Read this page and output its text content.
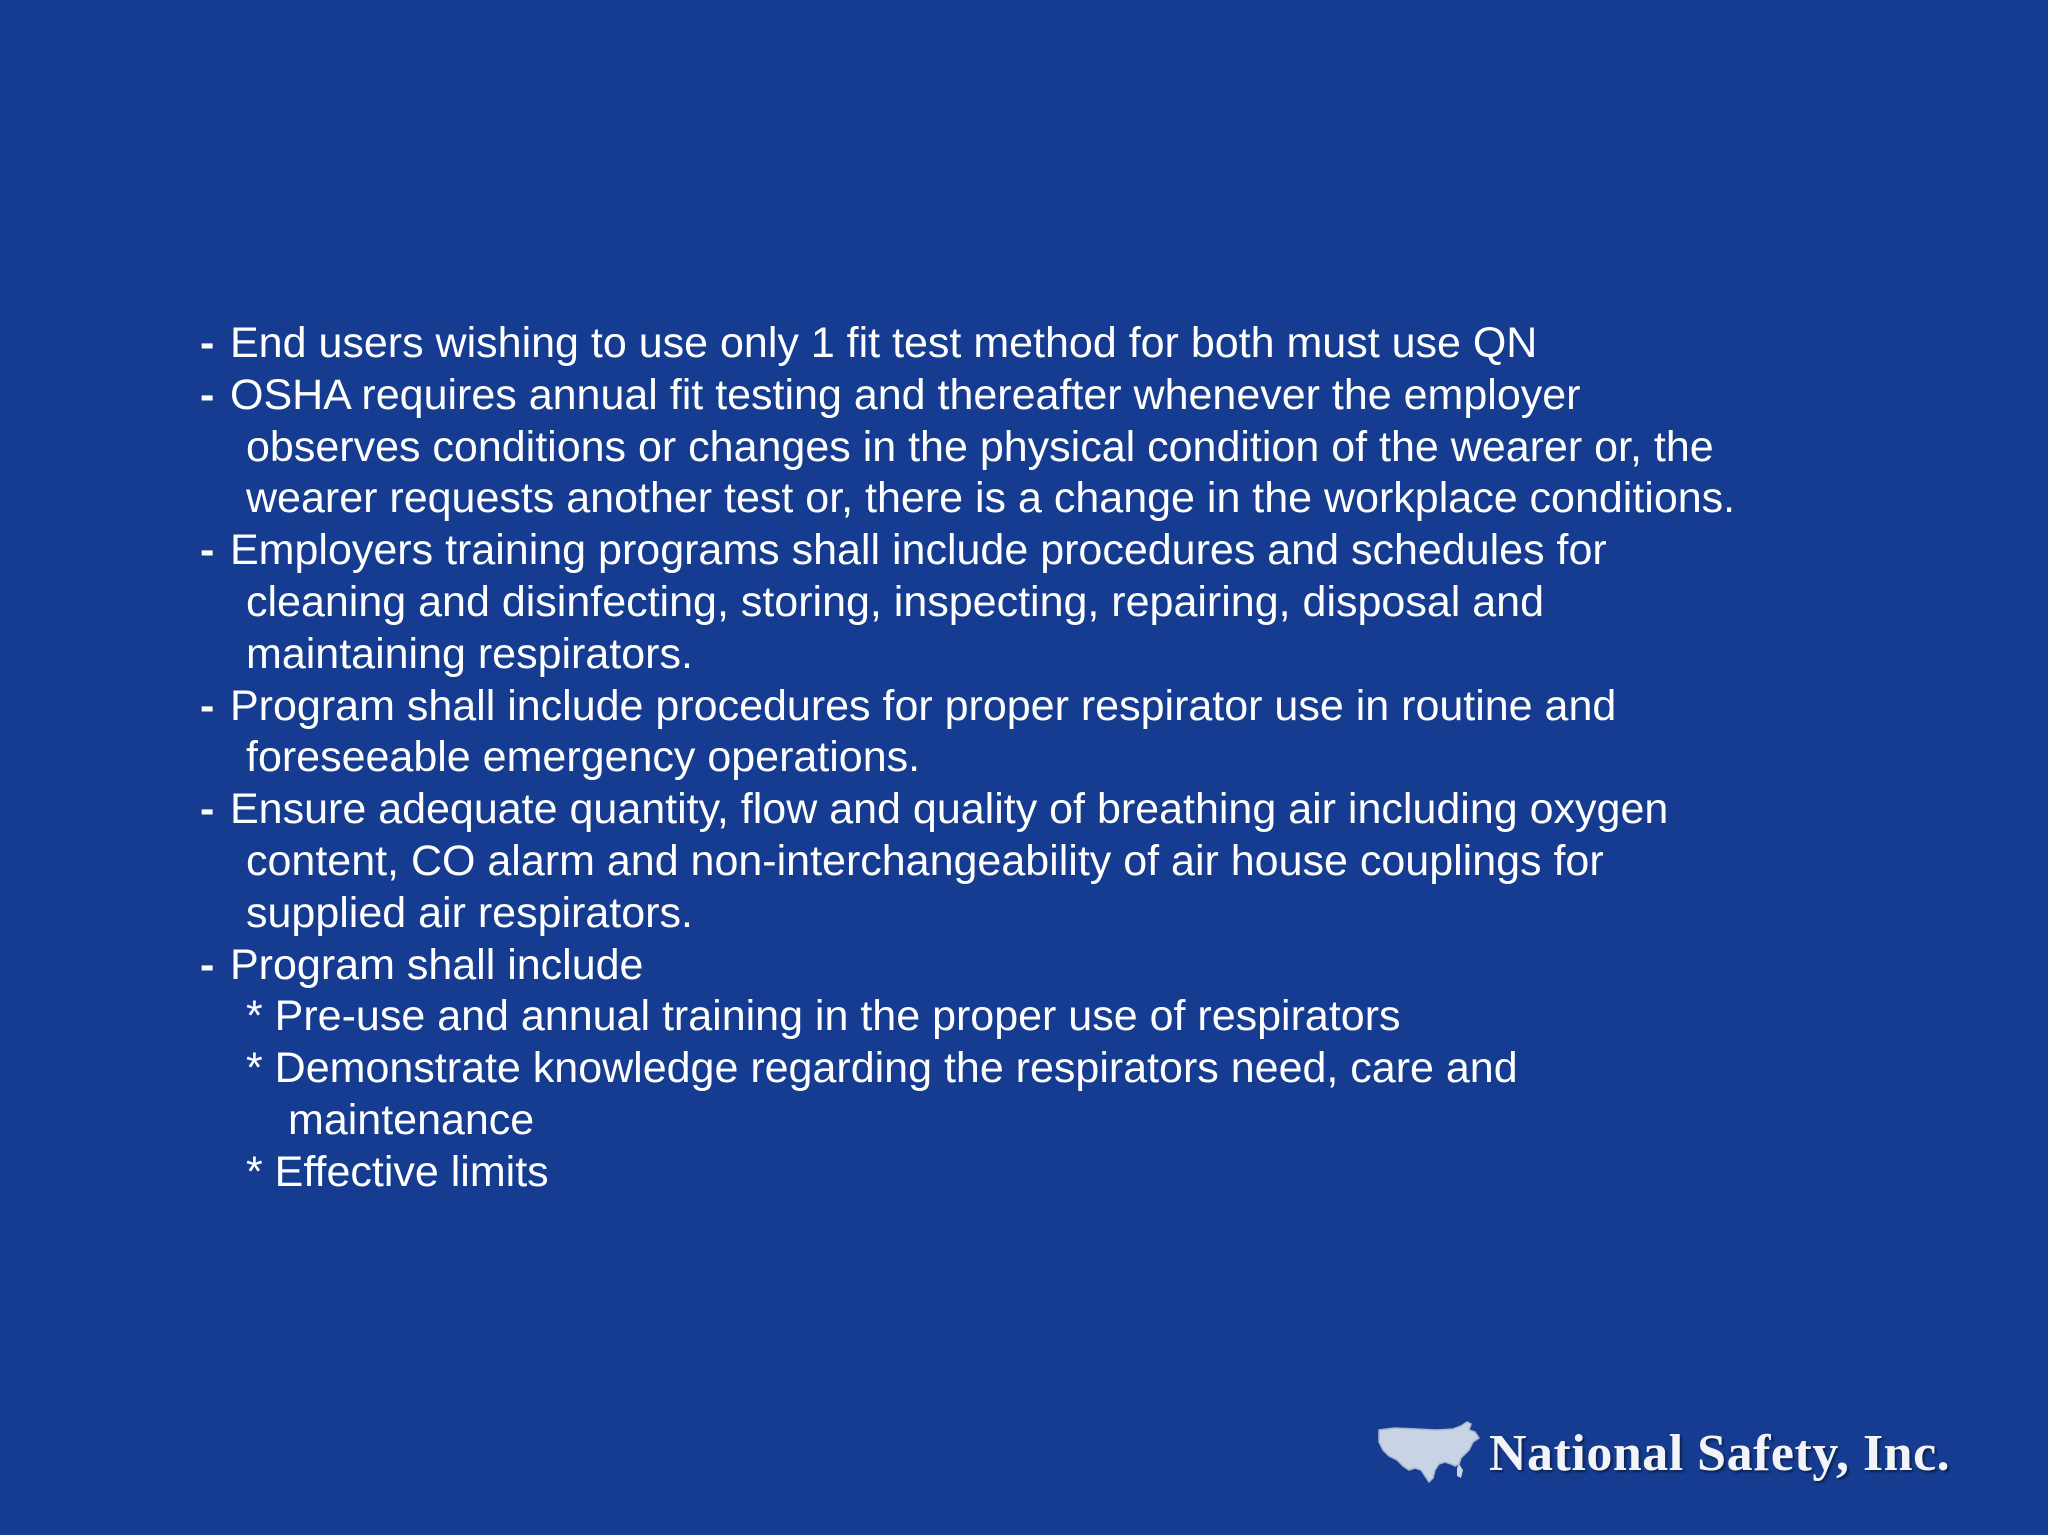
- End users wishing to use only 1 fit test method for both must use QN
- OSHA requires annual fit testing and thereafter whenever the employer
observes conditions or changes in the physical condition of the wearer or, the
wearer requests another test or, there is a change in the workplace conditions.
- Employers training programs shall include procedures and schedules for
cleaning and disinfecting, storing, inspecting, repairing, disposal and
maintaining respirators.
- Program shall include procedures for proper respirator use in routine and
foreseeable emergency operations.
- Ensure adequate quantity, flow and quality of breathing air including oxygen
content, CO alarm and non-interchangeability of air house couplings for
supplied air respirators.
- Program shall include
* Pre-use and annual training in the proper use of respirators
* Demonstrate knowledge regarding the respirators need, care and
maintenance
* Effective limits
National Safety, Inc.
